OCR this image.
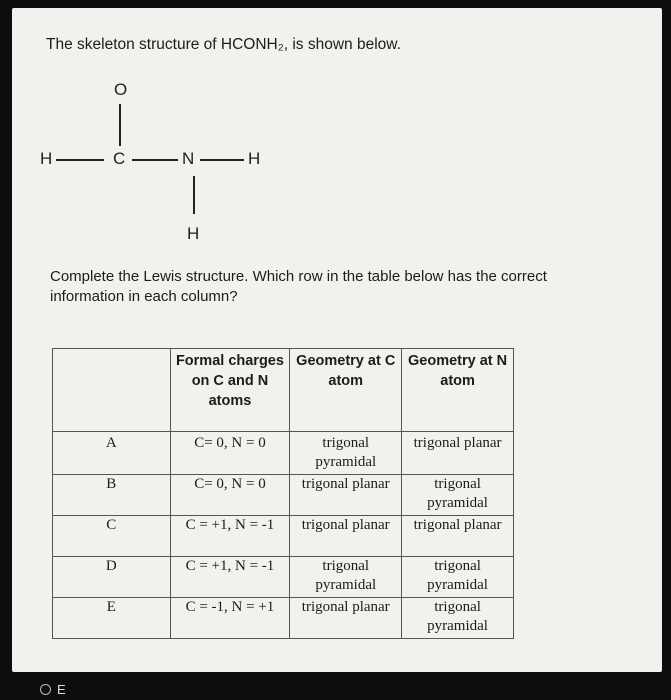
The skeleton structure of HCONH₂, is shown below.
O
H	C	N	H
H
Complete the Lewis structure. Which row in the table below has the correct
information in each column?
	Formal charges on C and N atoms	Geometry at C atom	Geometry at N atom
A	C= 0, N = 0	trigonal pyramidal	trigonal planar
B	C= 0, N = 0	trigonal planar	trigonal pyramidal
C	C = +1, N = -1	trigonal planar	trigonal planar
D	C = +1, N = -1	trigonal pyramidal	trigonal pyramidal
E	C = -1, N = +1	trigonal planar	trigonal pyramidal
E
